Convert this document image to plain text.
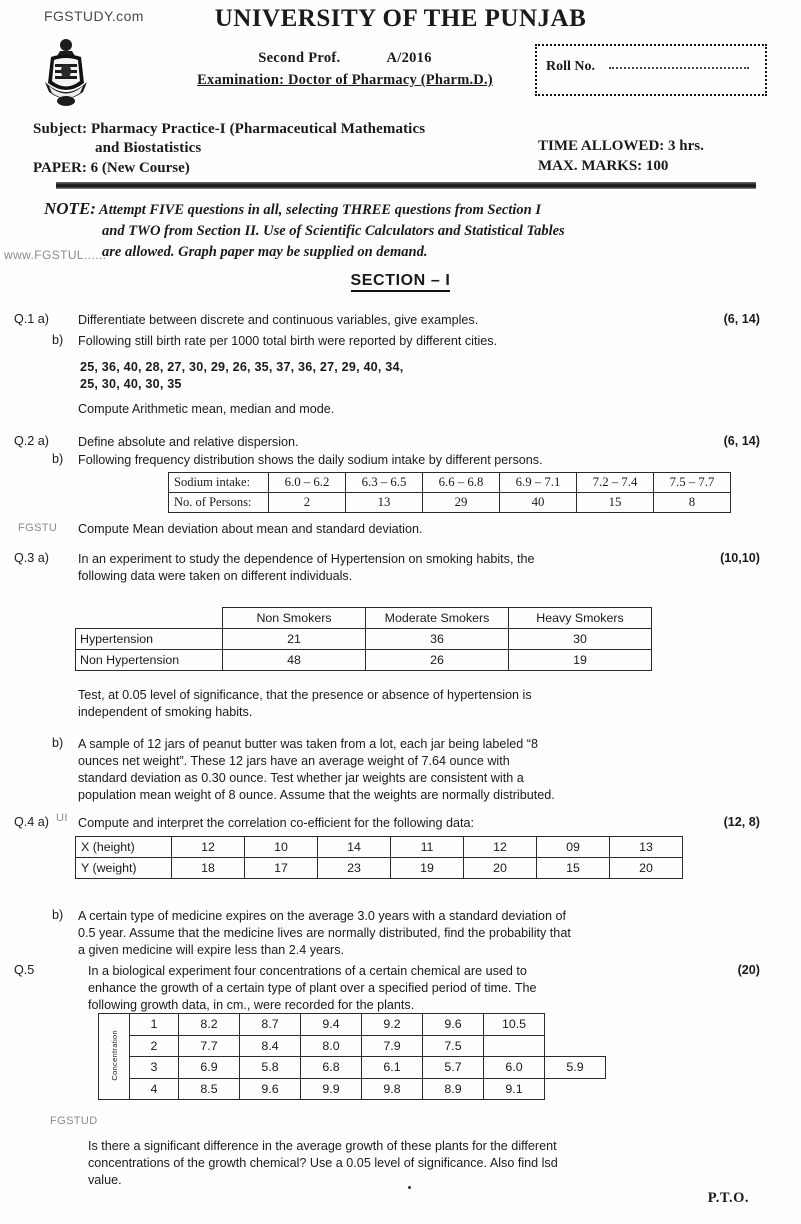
FGSTUDY.com
www.FGSTUL......
FGSTU
UI
FGSTUD
UNIVERSITY OF THE PUNJAB
Second Prof.	A/2016
Examination: Doctor of Pharmacy (Pharm.D.)
Roll No.
Subject: Pharmacy Practice-I (Pharmaceutical Mathematics
and Biostatistics
PAPER: 6 (New Course)
TIME ALLOWED: 3 hrs.
MAX. MARKS: 100
NOTE: Attempt FIVE questions in all, selecting THREE questions from Section I
and TWO from Section II. Use of Scientific Calculators and Statistical Tables
are allowed. Graph paper may be supplied on demand.
SECTION – I
Q.1 a) Differentiate between discrete and continuous variables, give examples.	(6, 14)
b) Following still birth rate per 1000 total birth were reported by different cities.
25, 36, 40, 28, 27, 30, 29, 26, 35, 37, 36, 27, 29, 40, 34,
25, 30, 40, 30, 35
Compute Arithmetic mean, median and mode.
Q.2 a) Define absolute and relative dispersion.	(6, 14)
b) Following frequency distribution shows the daily sodium intake by different persons.
Sodium intake:	6.0 – 6.2	6.3 – 6.5	6.6 – 6.8	6.9 – 7.1	7.2 – 7.4	7.5 – 7.7
No. of Persons:	2	13	29	40	15	8
Compute Mean deviation about mean and standard deviation.
Q.3 a) In an experiment to study the dependence of Hypertension on smoking habits, the
following data were taken on different individuals.
(10,10)
	Non Smokers	Moderate Smokers	Heavy Smokers
Hypertension	21	36	30
Non Hypertension	48	26	19
Test, at 0.05 level of significance, that the presence or absence of hypertension is
independent of smoking habits.
b) A sample of 12 jars of peanut butter was taken from a lot, each jar being labeled “8
ounces net weight”. These 12 jars have an average weight of 7.64 ounce with
standard deviation as 0.30 ounce. Test whether jar weights are consistent with a
population mean weight of 8 ounce. Assume that the weights are normally distributed.
Q.4 a) Compute and interpret the correlation co-efficient for the following data:	(12, 8)
X (height)	12	10	14	11	12	09	13
Y (weight)	18	17	23	19	20	15	20
b) A certain type of medicine expires on the average 3.0 years with a standard deviation of
0.5 year. Assume that the medicine lives are normally distributed, find the probability that
a given medicine will expire less than 2.4 years.
Q.5	In a biological experiment four concentrations of a certain chemical are used to
enhance the growth of a certain type of plant over a specified period of time. The
following growth data, in cm., were recorded for the plants.
(20)
Concentration	1	8.2	8.7	9.4	9.2	9.6	10.5	
	2	7.7	8.4	8.0	7.9	7.5		
	3	6.9	5.8	6.8	6.1	5.7	6.0	5.9
	4	8.5	9.6	9.9	9.8	8.9	9.1	
Is there a significant difference in the average growth of these plants for the different
concentrations of the growth chemical? Use a 0.05 level of significance. Also find lsd
value.
P.T.O.
